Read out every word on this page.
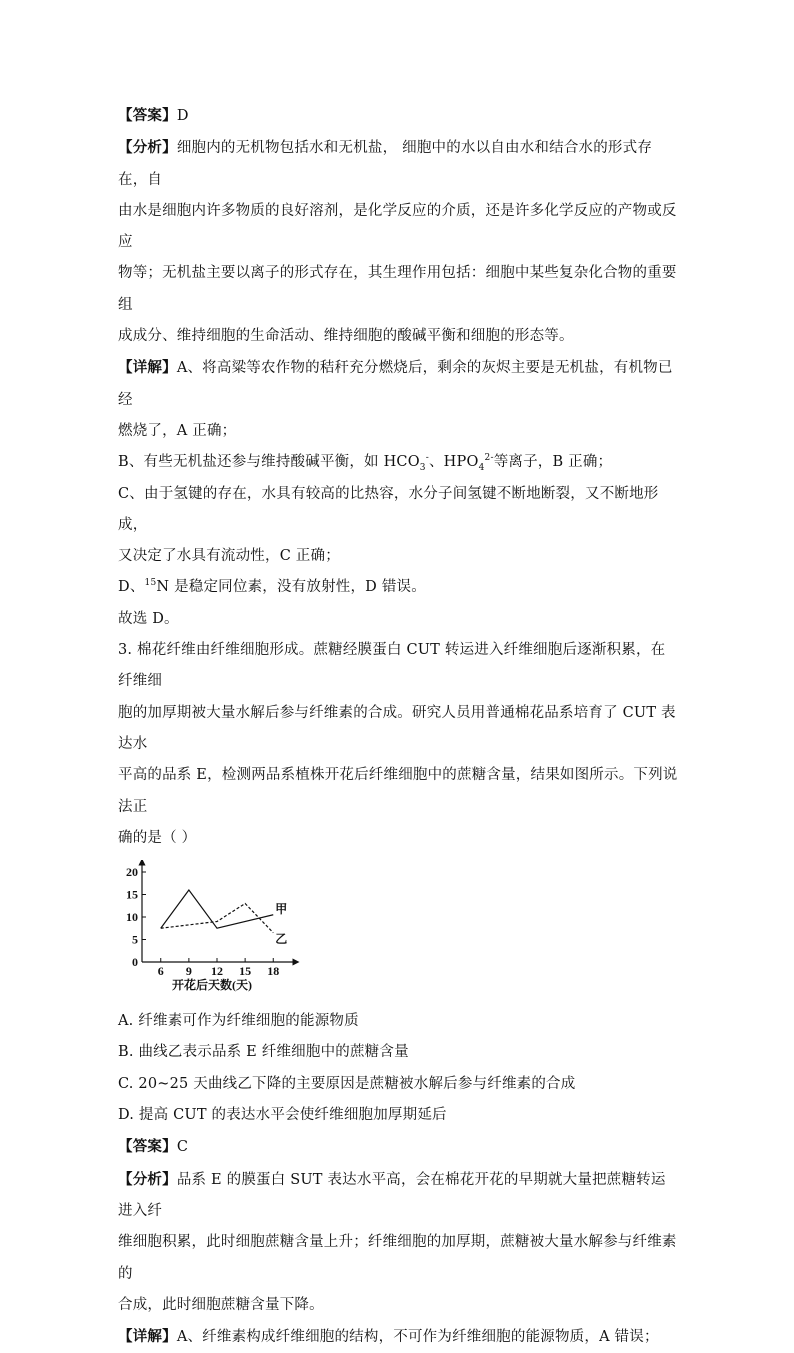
【答案】D

【分析】细胞内的无机物包括水和无机盐， 细胞中的水以自由水和结合水的形式存在，自
由水是细胞内许多物质的良好溶剂，是化学反应的介质，还是许多化学反应的产物或反应
物等；无机盐主要以离子的形式存在，其生理作用包括：细胞中某些复杂化合物的重要组
成成分、维持细胞的生命活动、维持细胞的酸碱平衡和细胞的形态等。

【详解】A、将高粱等农作物的秸秆充分燃烧后，剩余的灰烬主要是无机盐，有机物已经
燃烧了，A 正确；

B、有些无机盐还参与维持酸碱平衡，如 $HCO_3^-$、$HPO_4^{2-}$等离子，B 正确；

C、由于氢键的存在，水具有较高的比热容，水分子间氢键不断地断裂，又不断地形成，
又决定了水具有流动性，C 正确；

D、$^{15}$N 是稳定同位素，没有放射性，D 错误。

故选 D。

3. 棉花纤维由纤维细胞形成。蔗糖经膜蛋白 CUT 转运进入纤维细胞后逐渐积累，在纤维细
胞的加厚期被大量水解后参与纤维素的合成。研究人员用普通棉花品系培育了 CUT 表达水
平高的品系 E，检测两品系植株开花后纤维细胞中的蔗糖含量，结果如图所示。下列说法正
确的是（ ）

0
5
10
15
20
6 9 12 15 18
开花后天数(天)
甲
乙

A. 纤维素可作为纤维细胞的能源物质

B. 曲线乙表示品系 E 纤维细胞中的蔗糖含量

C. 20~25 天曲线乙下降的主要原因是蔗糖被水解后参与纤维素的合成

D. 提高 CUT 的表达水平会使纤维细胞加厚期延后

【答案】C

【分析】品系 E 的膜蛋白 SUT 表达水平高，会在棉花开花的早期就大量把蔗糖转运进入纤
维细胞积累，此时细胞蔗糖含量上升；纤维细胞的加厚期，蔗糖被大量水解参与纤维素的
合成，此时细胞蔗糖含量下降。

【详解】A、纤维素构成纤维细胞的结构，不可作为纤维细胞的能源物质，A 错误；
